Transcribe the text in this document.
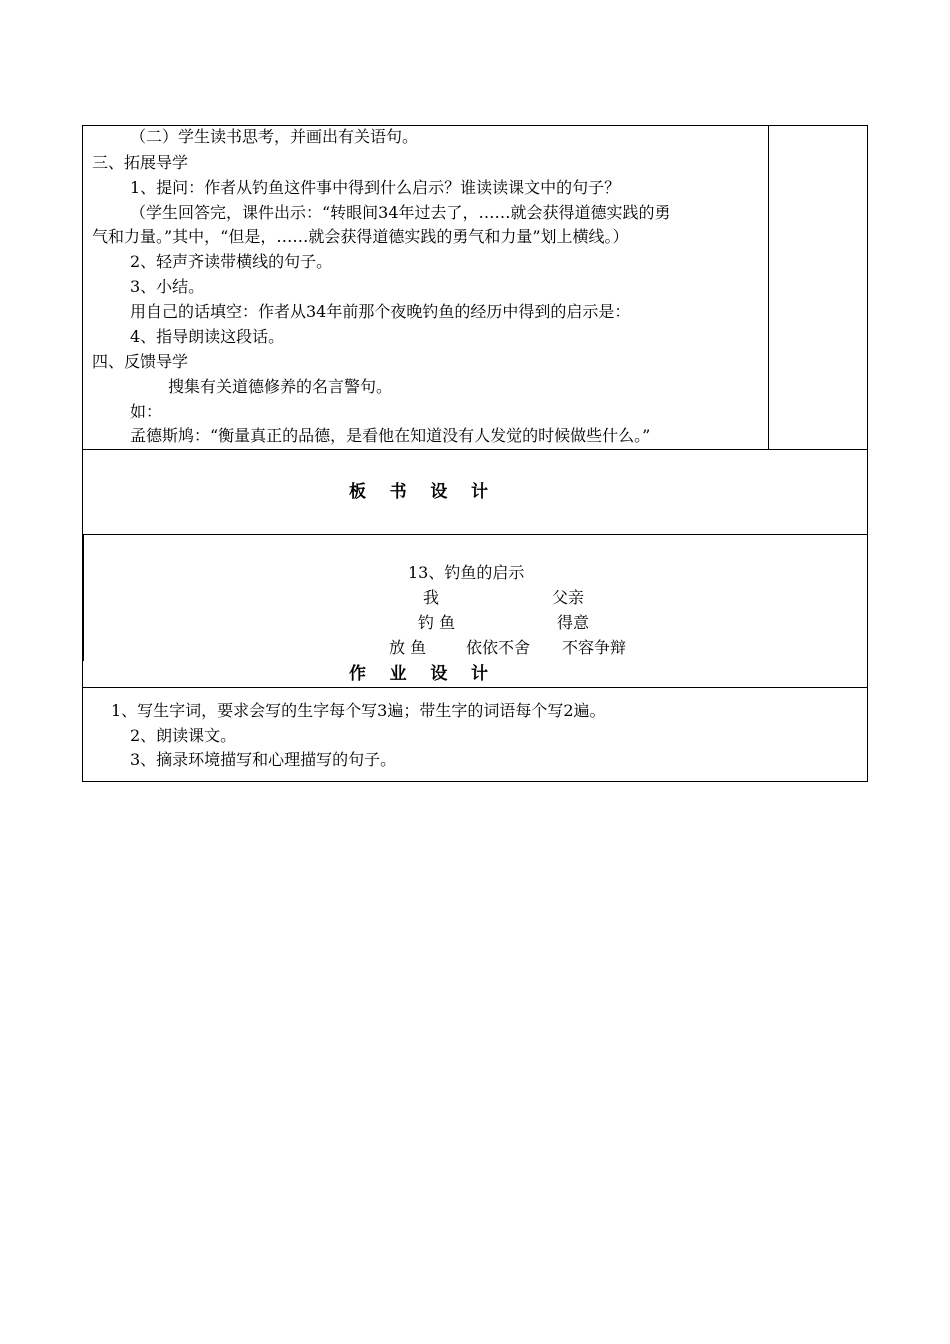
（二）学生读书思考，并画出有关语句。
三、拓展导学
1、提问：作者从钓鱼这件事中得到什么启示？谁读读课文中的句子？
（学生回答完，课件出示：“转眼间34年过去了，……就会获得道德实践的勇
气和力量。”其中，“但是，……就会获得道德实践的勇气和力量”划上横线。）
2、轻声齐读带横线的句子。
3、小结。
用自己的话填空：作者从34年前那个夜晚钓鱼的经历中得到的启示是：
4、指导朗读这段话。
四、反馈导学
搜集有关道德修养的名言警句。
如：
孟德斯鸠：“衡量真正的品德，是看他在知道没有人发觉的时候做些什么。”
板    书    设    计
13、钓鱼的启示
我	父亲
钓 鱼	得意
放 鱼 依依不舍 不容争辩
作    业    设    计
1、写生字词，要求会写的生字每个写3遍；带生字的词语每个写2遍。
2、朗读课文。
3、摘录环境描写和心理描写的句子。
